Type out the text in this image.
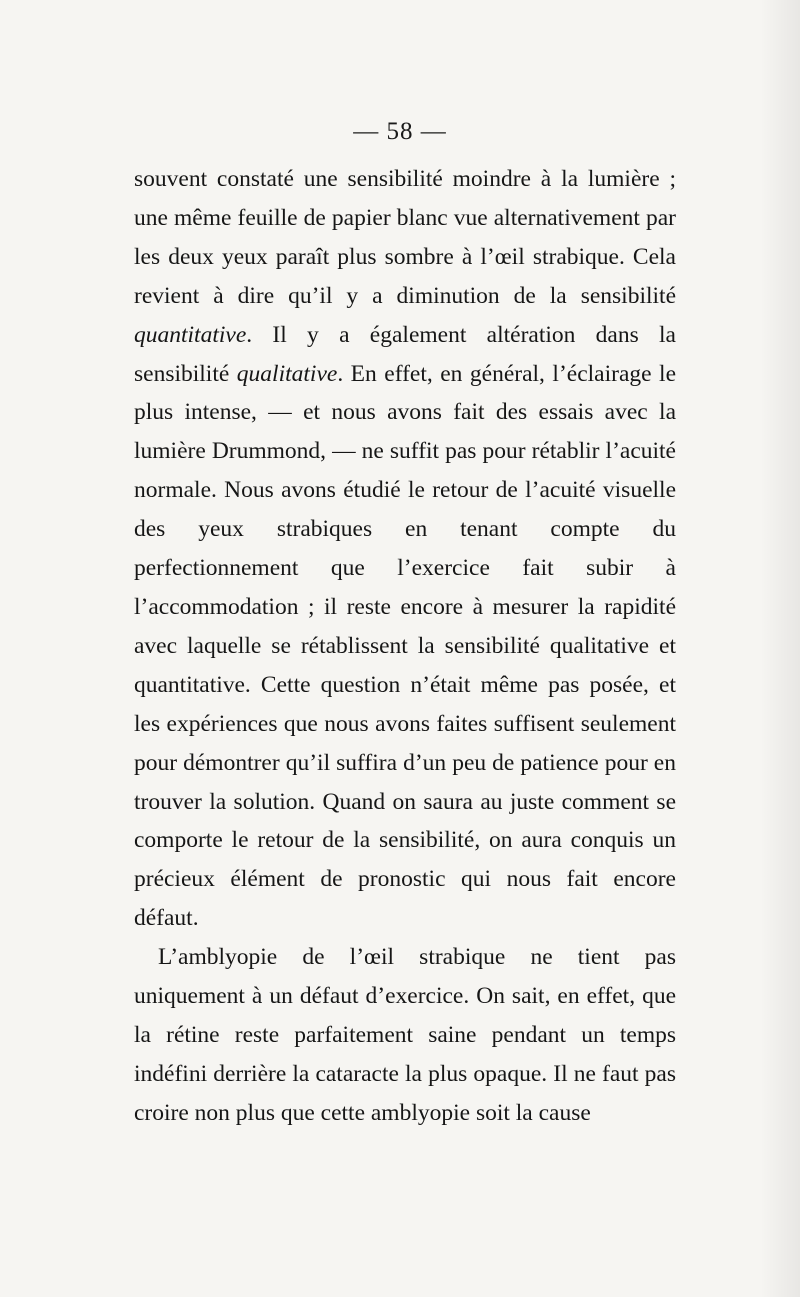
— 58 —

souvent constaté une sensibilité moindre à la lumière ; une même feuille de papier blanc vue alternativement par les deux yeux paraît plus sombre à l’œil strabique. Cela revient à dire qu’il y a diminution de la sensibilité quantitative. Il y a également altération dans la sensibilité qualitative. En effet, en général, l’éclairage le plus intense, — et nous avons fait des essais avec la lumière Drummond, — ne suffit pas pour rétablir l’acuité normale. Nous avons étudié le retour de l’acuité visuelle des yeux strabiques en tenant compte du perfectionnement que l’exercice fait subir à l’accommodation ; il reste encore à mesurer la rapidité avec laquelle se rétablissent la sensibilité qualitative et quantitative. Cette question n’était même pas posée, et les expériences que nous avons faites suffisent seulement pour démontrer qu’il suffira d’un peu de patience pour en trouver la solution. Quand on saura au juste comment se comporte le retour de la sensibilité, on aura conquis un précieux élément de pronostic qui nous fait encore défaut.

L’amblyopie de l’œil strabique ne tient pas uniquement à un défaut d’exercice. On sait, en effet, que la rétine reste parfaitement saine pendant un temps indéfini derrière la cataracte la plus opaque. Il ne faut pas croire non plus que cette amblyopie soit la cause
